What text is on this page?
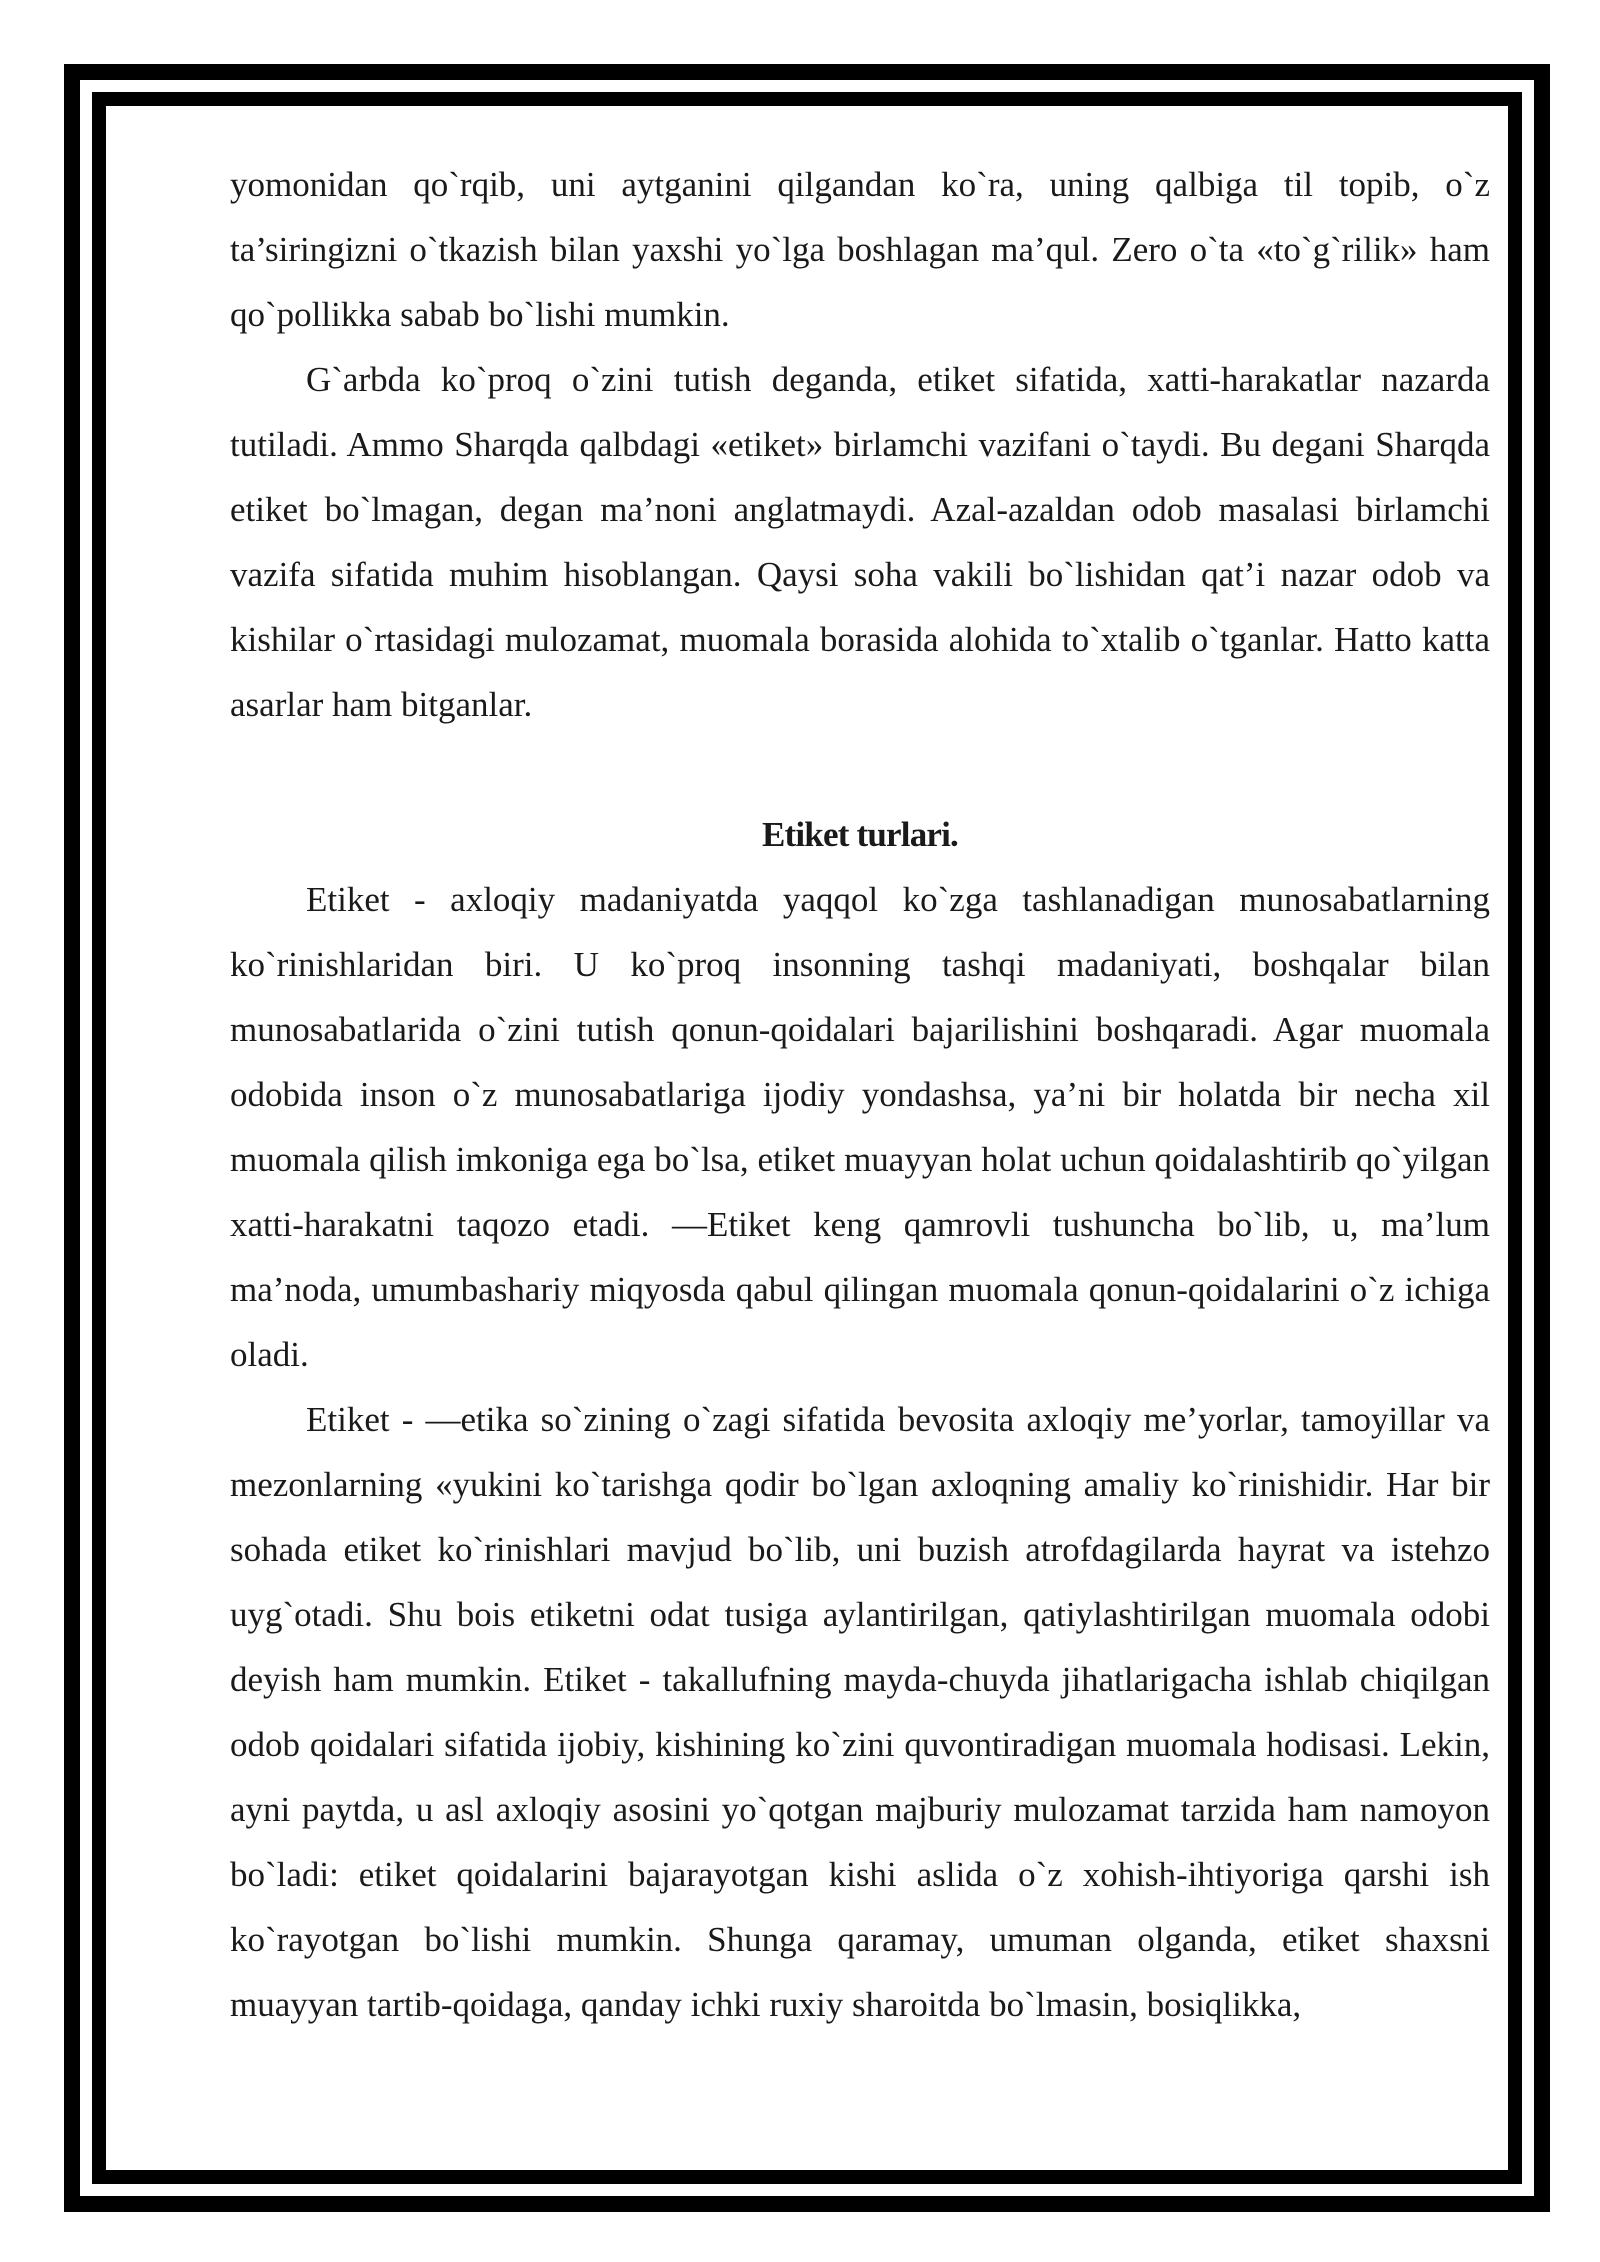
yomonidan qo`rqib, uni aytganini qilgandan ko`ra, uning qalbiga til topib, o`z ta’siringizni o`tkazish bilan yaxshi yo`lga boshlagan ma’qul. Zero o`ta «to`g`rilik» ham qo`pollikka sabab bo`lishi mumkin.

G`arbda ko`proq o`zini tutish deganda, etiket sifatida, xatti-harakatlar nazarda tutiladi. Ammo Sharqda qalbdagi «etiket» birlamchi vazifani o`taydi. Bu degani Sharqda etiket bo`lmagan, degan ma’noni anglatmaydi. Azal-azaldan odob masalasi birlamchi vazifa sifatida muhim hisoblangan. Qaysi soha vakili bo`lishidan qat’i nazar odob va kishilar o`rtasidagi mulozamat, muomala borasida alohida to`xtalib o`tganlar. Hatto katta asarlar ham bitganlar.

Etiket turlari.

Etiket - axloqiy madaniyatda yaqqol ko`zga tashlanadigan munosabatlarning ko`rinishlaridan biri. U ko`proq insonning tashqi madaniyati, boshqalar bilan munosabatlarida o`zini tutish qonun-qoidalari bajarilishini boshqaradi. Agar muomala odobida inson o`z munosabatlariga ijodiy yondashsa, ya’ni bir holatda bir necha xil muomala qilish imkoniga ega bo`lsa, etiket muayyan holat uchun qoidalashtirib qo`yilgan xatti-harakatni taqozo etadi. —Etiket keng qamrovli tushuncha bo`lib, u, ma’lum ma’noda, umumbashariy miqyosda qabul qilingan muomala qonun-qoidalarini o`z ichiga oladi.

Etiket - —etika so`zining o`zagi sifatida bevosita axloqiy me’yorlar, tamoyillar va mezonlarning «yukini ko`tarishga qodir bo`lgan axloqning amaliy ko`rinishidir. Har bir sohada etiket ko`rinishlari mavjud bo`lib, uni buzish atrofdagilarda hayrat va istehzo uyg`otadi. Shu bois etiketni odat tusiga aylantirilgan, qatiylashtirilgan muomala odobi deyish ham mumkin. Etiket - takallufning mayda-chuyda jihatlarigacha ishlab chiqilgan odob qoidalari sifatida ijobiy, kishining ko`zini quvontiradigan muomala hodisasi. Lekin, ayni paytda, u asl axloqiy asosini yo`qotgan majburiy mulozamat tarzida ham namoyon bo`ladi: etiket qoidalarini bajarayotgan kishi aslida o`z xohish-ihtiyoriga qarshi ish ko`rayotgan bo`lishi mumkin. Shunga qaramay, umuman olganda, etiket shaxsni muayyan tartib-qoidaga, qanday ichki ruxiy sharoitda bo`lmasin, bosiqlikka,
